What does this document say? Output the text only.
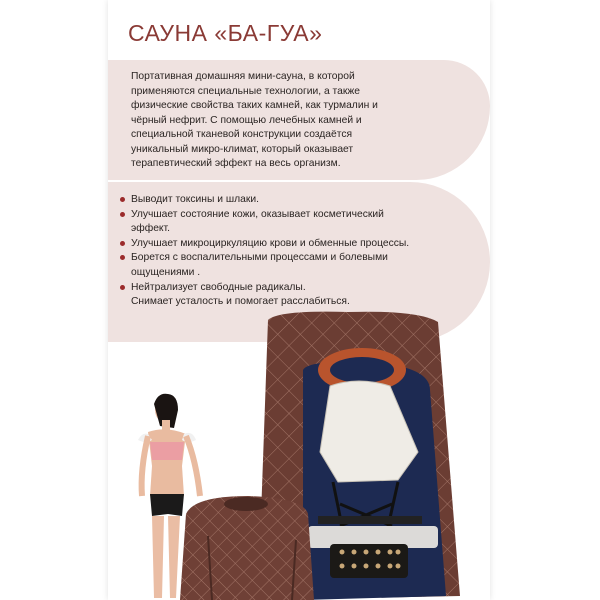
САУНА «БА-ГУА»
Портативная домашняя мини-сауна, в которой применяются специальные технологии, а также физические свойства таких камней, как турмалин и чёрный нефрит. С помощью лечебных камней и специальной тканевой конструкции создаётся уникальный микро-климат, который оказывает терапевтический эффект на весь организм.
Выводит токсины и шлаки.
Улучшает состояние кожи, оказывает косметический эффект.
Улучшает микроциркуляцию крови и обменные процессы.
Борется с воспалительными процессами и болевыми ощущениями .
Нейтрализует свободные радикалы.
Снимает усталость и помогает расслабиться.
